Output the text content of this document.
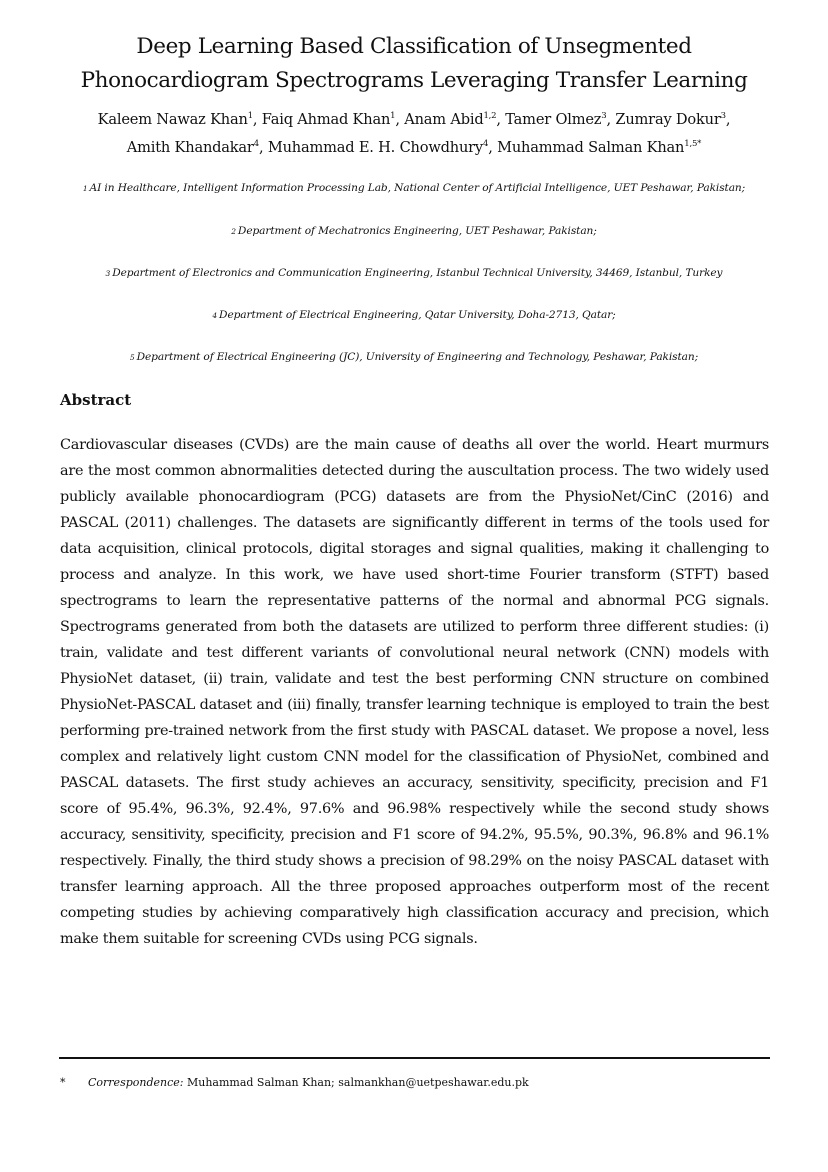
Deep Learning Based Classification of Unsegmented Phonocardiogram Spectrograms Leveraging Transfer Learning

Kaleem Nawaz Khan$^1$, Faiq Ahmad Khan$^1$, Anam Abid$^{1,2}$, Tamer Olmez$^3$, Zumray Dokur$^3$,
Amith Khandakar$^4$, Muhammad E. H. Chowdhury$^4$, Muhammad Salman Khan$^{1,5*}$

1 AI in Healthcare, Intelligent Information Processing Lab, National Center of Artificial Intelligence, UET Peshawar, Pakistan;

2 Department of Mechatronics Engineering, UET Peshawar, Pakistan;

3 Department of Electronics and Communication Engineering, Istanbul Technical University, 34469, Istanbul, Turkey

4 Department of Electrical Engineering, Qatar University, Doha-2713, Qatar;

5 Department of Electrical Engineering (JC), University of Engineering and Technology, Peshawar, Pakistan;

Abstract

Cardiovascular diseases (CVDs) are the main cause of deaths all over the world. Heart murmurs are the most common abnormalities detected during the auscultation process. The two widely used publicly available phonocardiogram (PCG) datasets are from the PhysioNet/CinC (2016) and PASCAL (2011) challenges. The datasets are significantly different in terms of the tools used for data acquisition, clinical protocols, digital storages and signal qualities, making it challenging to process and analyze. In this work, we have used short-time Fourier transform (STFT) based spectrograms to learn the representative patterns of the normal and abnormal PCG signals. Spectrograms generated from both the datasets are utilized to perform three different studies: (i) train, validate and test different variants of convolutional neural network (CNN) models with PhysioNet dataset, (ii) train, validate and test the best performing CNN structure on combined PhysioNet-PASCAL dataset and (iii) finally, transfer learning technique is employed to train the best performing pre-trained network from the first study with PASCAL dataset. We propose a novel, less complex and relatively light custom CNN model for the classification of PhysioNet, combined and PASCAL datasets. The first study achieves an accuracy, sensitivity, specificity, precision and F1 score of 95.4%, 96.3%, 92.4%, 97.6% and 96.98% respectively while the second study shows accuracy, sensitivity, specificity, precision and F1 score of 94.2%, 95.5%, 90.3%, 96.8% and 96.1% respectively. Finally, the third study shows a precision of 98.29% on the noisy PASCAL dataset with transfer learning approach. All the three proposed approaches outperform most of the recent competing studies by achieving comparatively high classification accuracy and precision, which make them suitable for screening CVDs using PCG signals.

* Correspondence: Muhammad Salman Khan; salmankhan@uetpeshawar.edu.pk
